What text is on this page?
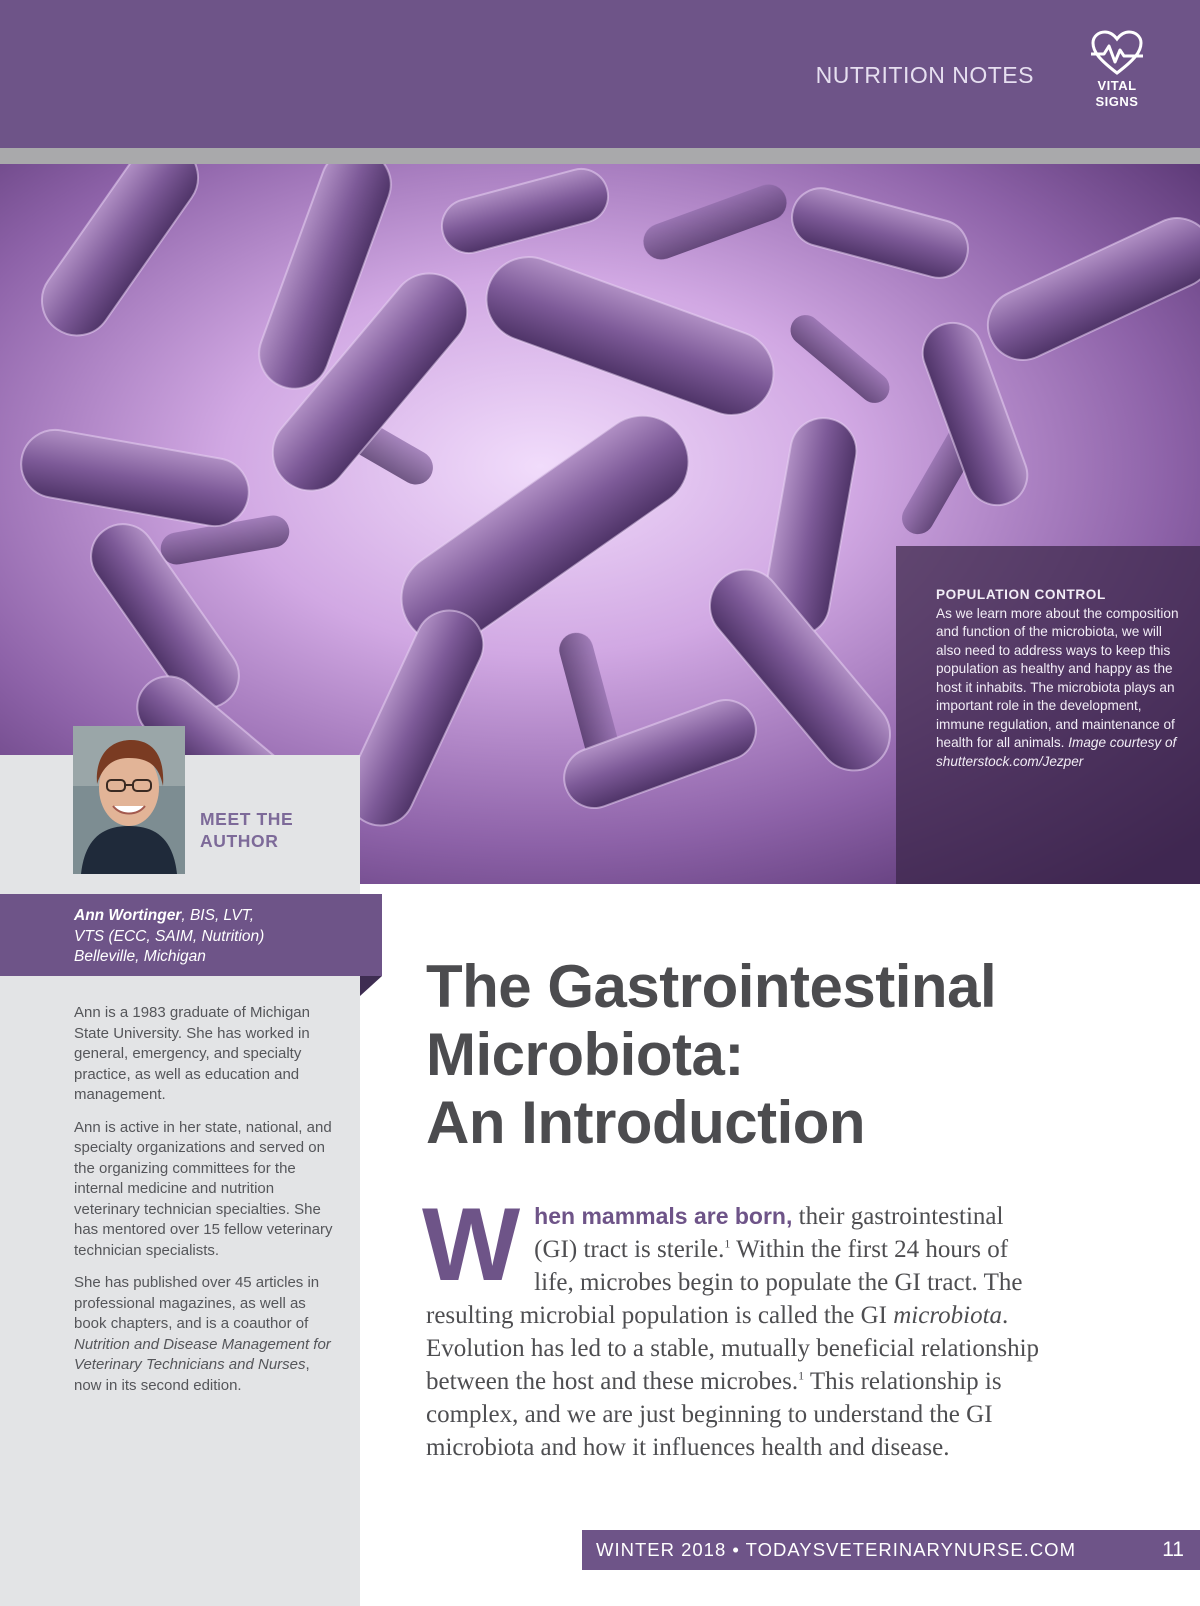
NUTRITION NOTES	VITAL
SIGNS
POPULATION CONTROL
As we learn more about the composition and function of the microbiota, we will also need to address ways to keep this population as healthy and happy as the host it inhabits. The microbiota plays an important role in the development, immune regulation, and maintenance of health for all animals. Image courtesy of shutterstock.com/Jezper
MEET THE
AUTHOR
Ann Wortinger, BIS, LVT,
VTS (ECC, SAIM, Nutrition)
Belleville, Michigan

Ann is a 1983 graduate of Michigan State University. She has worked in general, emergency, and specialty practice, as well as education and management.

Ann is active in her state, national, and specialty organizations and served on the organizing committees for the internal medicine and nutrition veterinary technician specialties. She has mentored over 15 fellow veterinary technician specialists.

She has published over 45 articles in professional magazines, as well as book chapters, and is a coauthor of Nutrition and Disease Management for Veterinary Technicians and Nurses, now in its second edition.

The Gastrointestinal
Microbiota:
An Introduction
W hen mammals are born, their gastrointestinal (GI) tract is sterile.$^1$ Within the first 24 hours of life, microbes begin to populate the GI tract. The resulting microbial population is called the GI microbiota. Evolution has led to a stable, mutually beneficial relationship between the host and these microbes.$^1$ This relationship is complex, and we are just beginning to understand the GI microbiota and how it influences health and disease.
WINTER 2018 • TODAYSVETERINARYNURSE.COM	11
